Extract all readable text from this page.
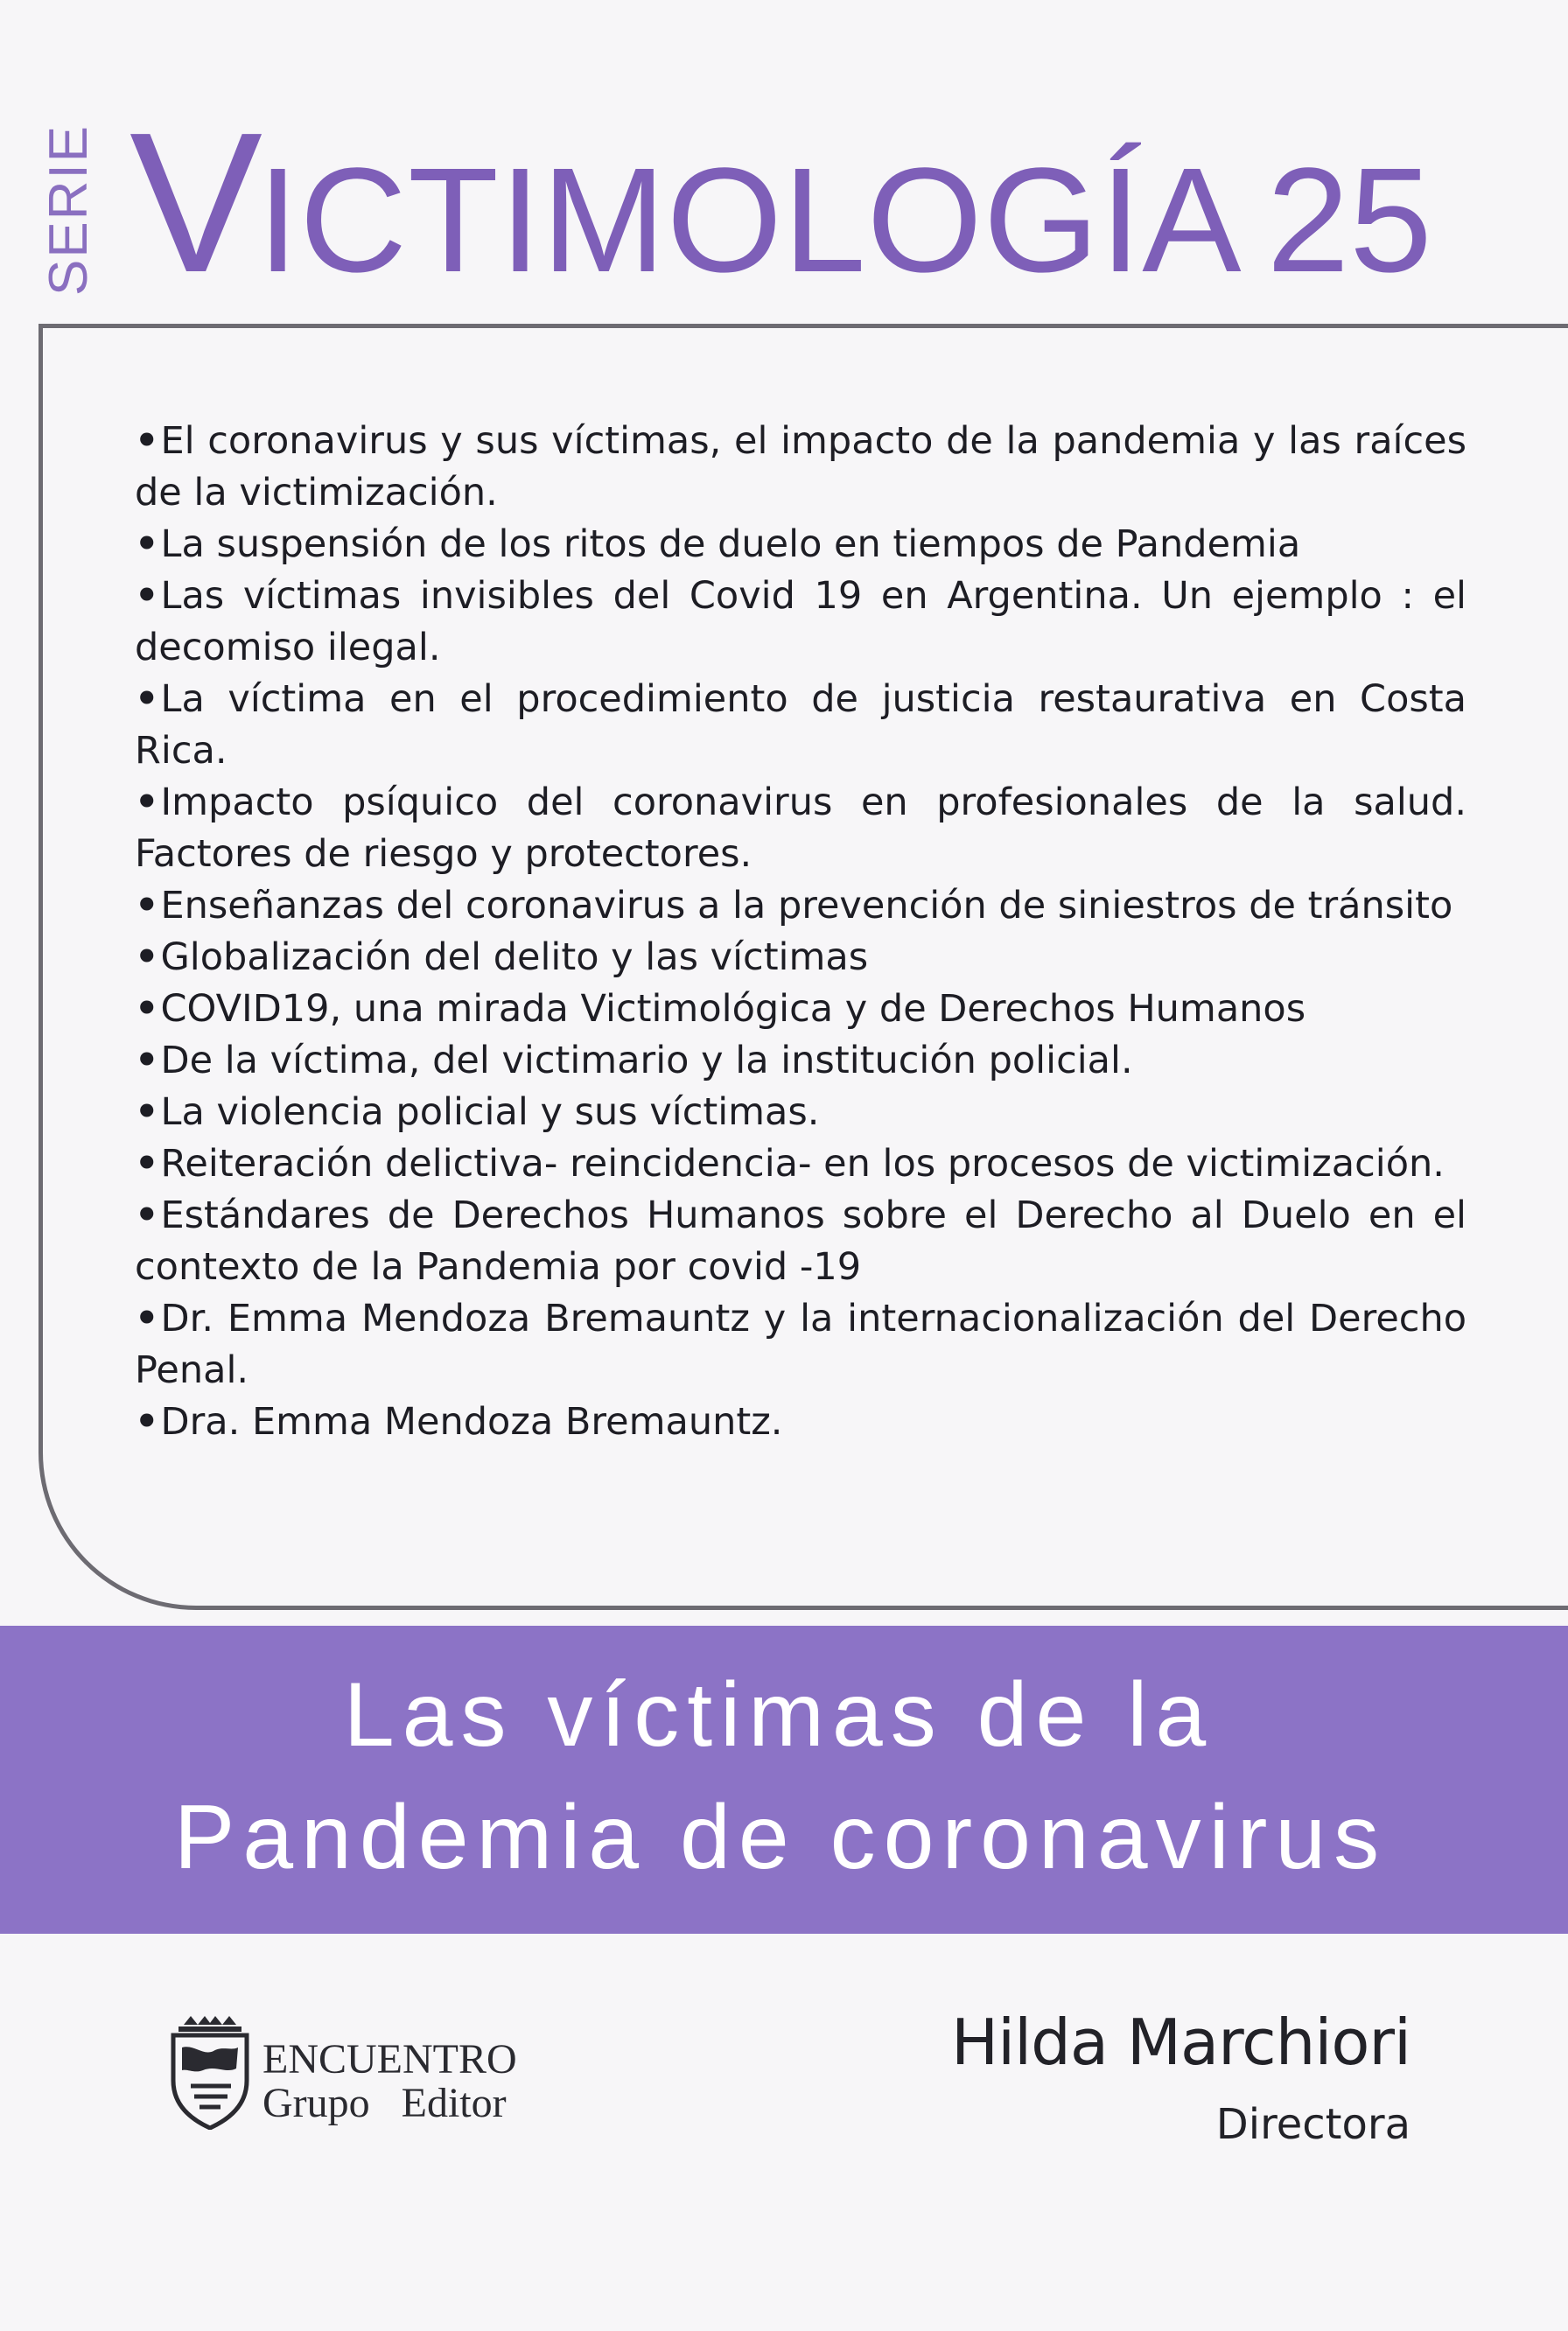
SERIE VICTIMOLOGÍA 25

•El coronavirus y sus víctimas, el impacto de la pandemia y las raíces de la victimización.

•La suspensión de los ritos de duelo en tiempos de Pandemia

•Las víctimas invisibles del Covid 19 en Argentina. Un ejemplo : el decomiso ilegal.

•La víctima en el procedimiento de justicia restaurativa en Costa Rica.

•Impacto psíquico del coronavirus en profesionales de la salud. Factores de riesgo y protectores.

•Enseñanzas del coronavirus a la prevención de siniestros de tránsito

•Globalización del delito y las víctimas

•COVID19, una mirada Victimológica y de Derechos Humanos

•De la víctima, del victimario y la institución policial.

•La violencia policial y sus víctimas.

•Reiteración delictiva- reincidencia- en los procesos de victimización.

•Estándares de Derechos Humanos sobre el Derecho al Duelo en el contexto de la Pandemia por covid -19

•Dr. Emma Mendoza Bremauntz y la internacionalización del Derecho Penal.

•Dra. Emma Mendoza Bremauntz.

Las víctimas de la
Pandemia de coronavirus
ENCUENTRO
Grupo Editor
Hilda Marchiori
Directora
